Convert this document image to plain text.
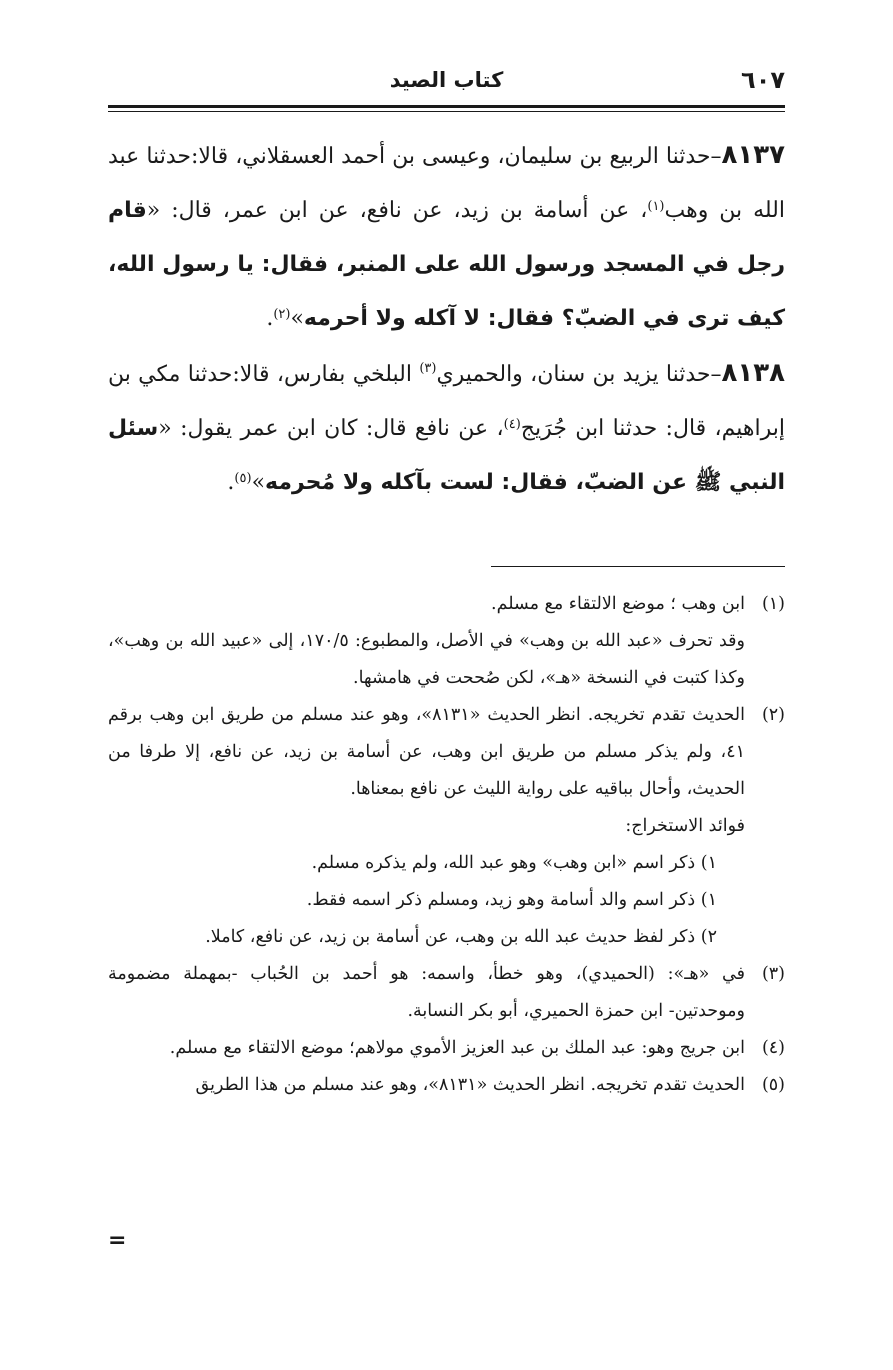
كتاب الصيد	٦٠٧

٨١٣٧–حدثنا الربيع بن سليمان، وعيسى بن أحمد العسقلاني، قالا:حدثنا عبد الله بن وهب$^{(١)}$، عن أسامة بن زيد، عن نافع، عن ابن عمر، قال: «قام رجل في المسجد ورسول الله على المنبر، فقال: يا رسول الله، كيف ترى في الضبّ؟ فقال: لا آكله ولا أحرمه»$^{(٢)}$.

٨١٣٨–حدثنا يزيد بن سنان، والحميري$^{(٣)}$ البلخي بفارس، قالا:حدثنا مكي بن إبراهيم، قال: حدثنا ابن جُرَيج$^{(٤)}$، عن نافع قال: كان ابن عمر يقول: «سئل النبي ﷺ عن الضبّ، فقال: لست بآكله ولا مُحرمه»$^{(٥)}$.

(١)
ابن وهب ؛ موضع الالتقاء مع مسلم.
وقد تحرف «عبد الله بن وهب» في الأصل، والمطبوع: ١٧٠/٥، إلى «عبيد الله بن وهب»، وكذا كتبت في النسخة «هـ»، لكن صُححت في هامشها.
(٢)
الحديث تقدم تخريجه. انظر الحديث «٨١٣١»، وهو عند مسلم من طريق ابن وهب برقم ٤١، ولم يذكر مسلم من طريق ابن وهب، عن أسامة بن زيد، عن نافع، إلا طرفا من الحديث، وأحال بباقيه على رواية الليث عن نافع بمعناها.
فوائد الاستخراج:
١) ذكر اسم «ابن وهب» وهو عبد الله، ولم يذكره مسلم.
١) ذكر اسم والد أسامة وهو زيد، ومسلم ذكر اسمه فقط.
٢) ذكر لفظ حديث عبد الله بن وهب، عن أسامة بن زيد، عن نافع، كاملا.
(٣)
في «هـ»: (الحميدي)، وهو خطأ، واسمه: هو أحمد بن الحُباب -بمهملة مضمومة وموحدتين- ابن حمزة الحميري، أبو بكر النسابة.
(٤)
ابن جريج وهو: عبد الملك بن عبد العزيز الأموي مولاهم؛ موضع الالتقاء مع مسلم.
(٥)
الحديث تقدم تخريجه. انظر الحديث «٨١٣١»، وهو عند مسلم من هذا الطريق
=
